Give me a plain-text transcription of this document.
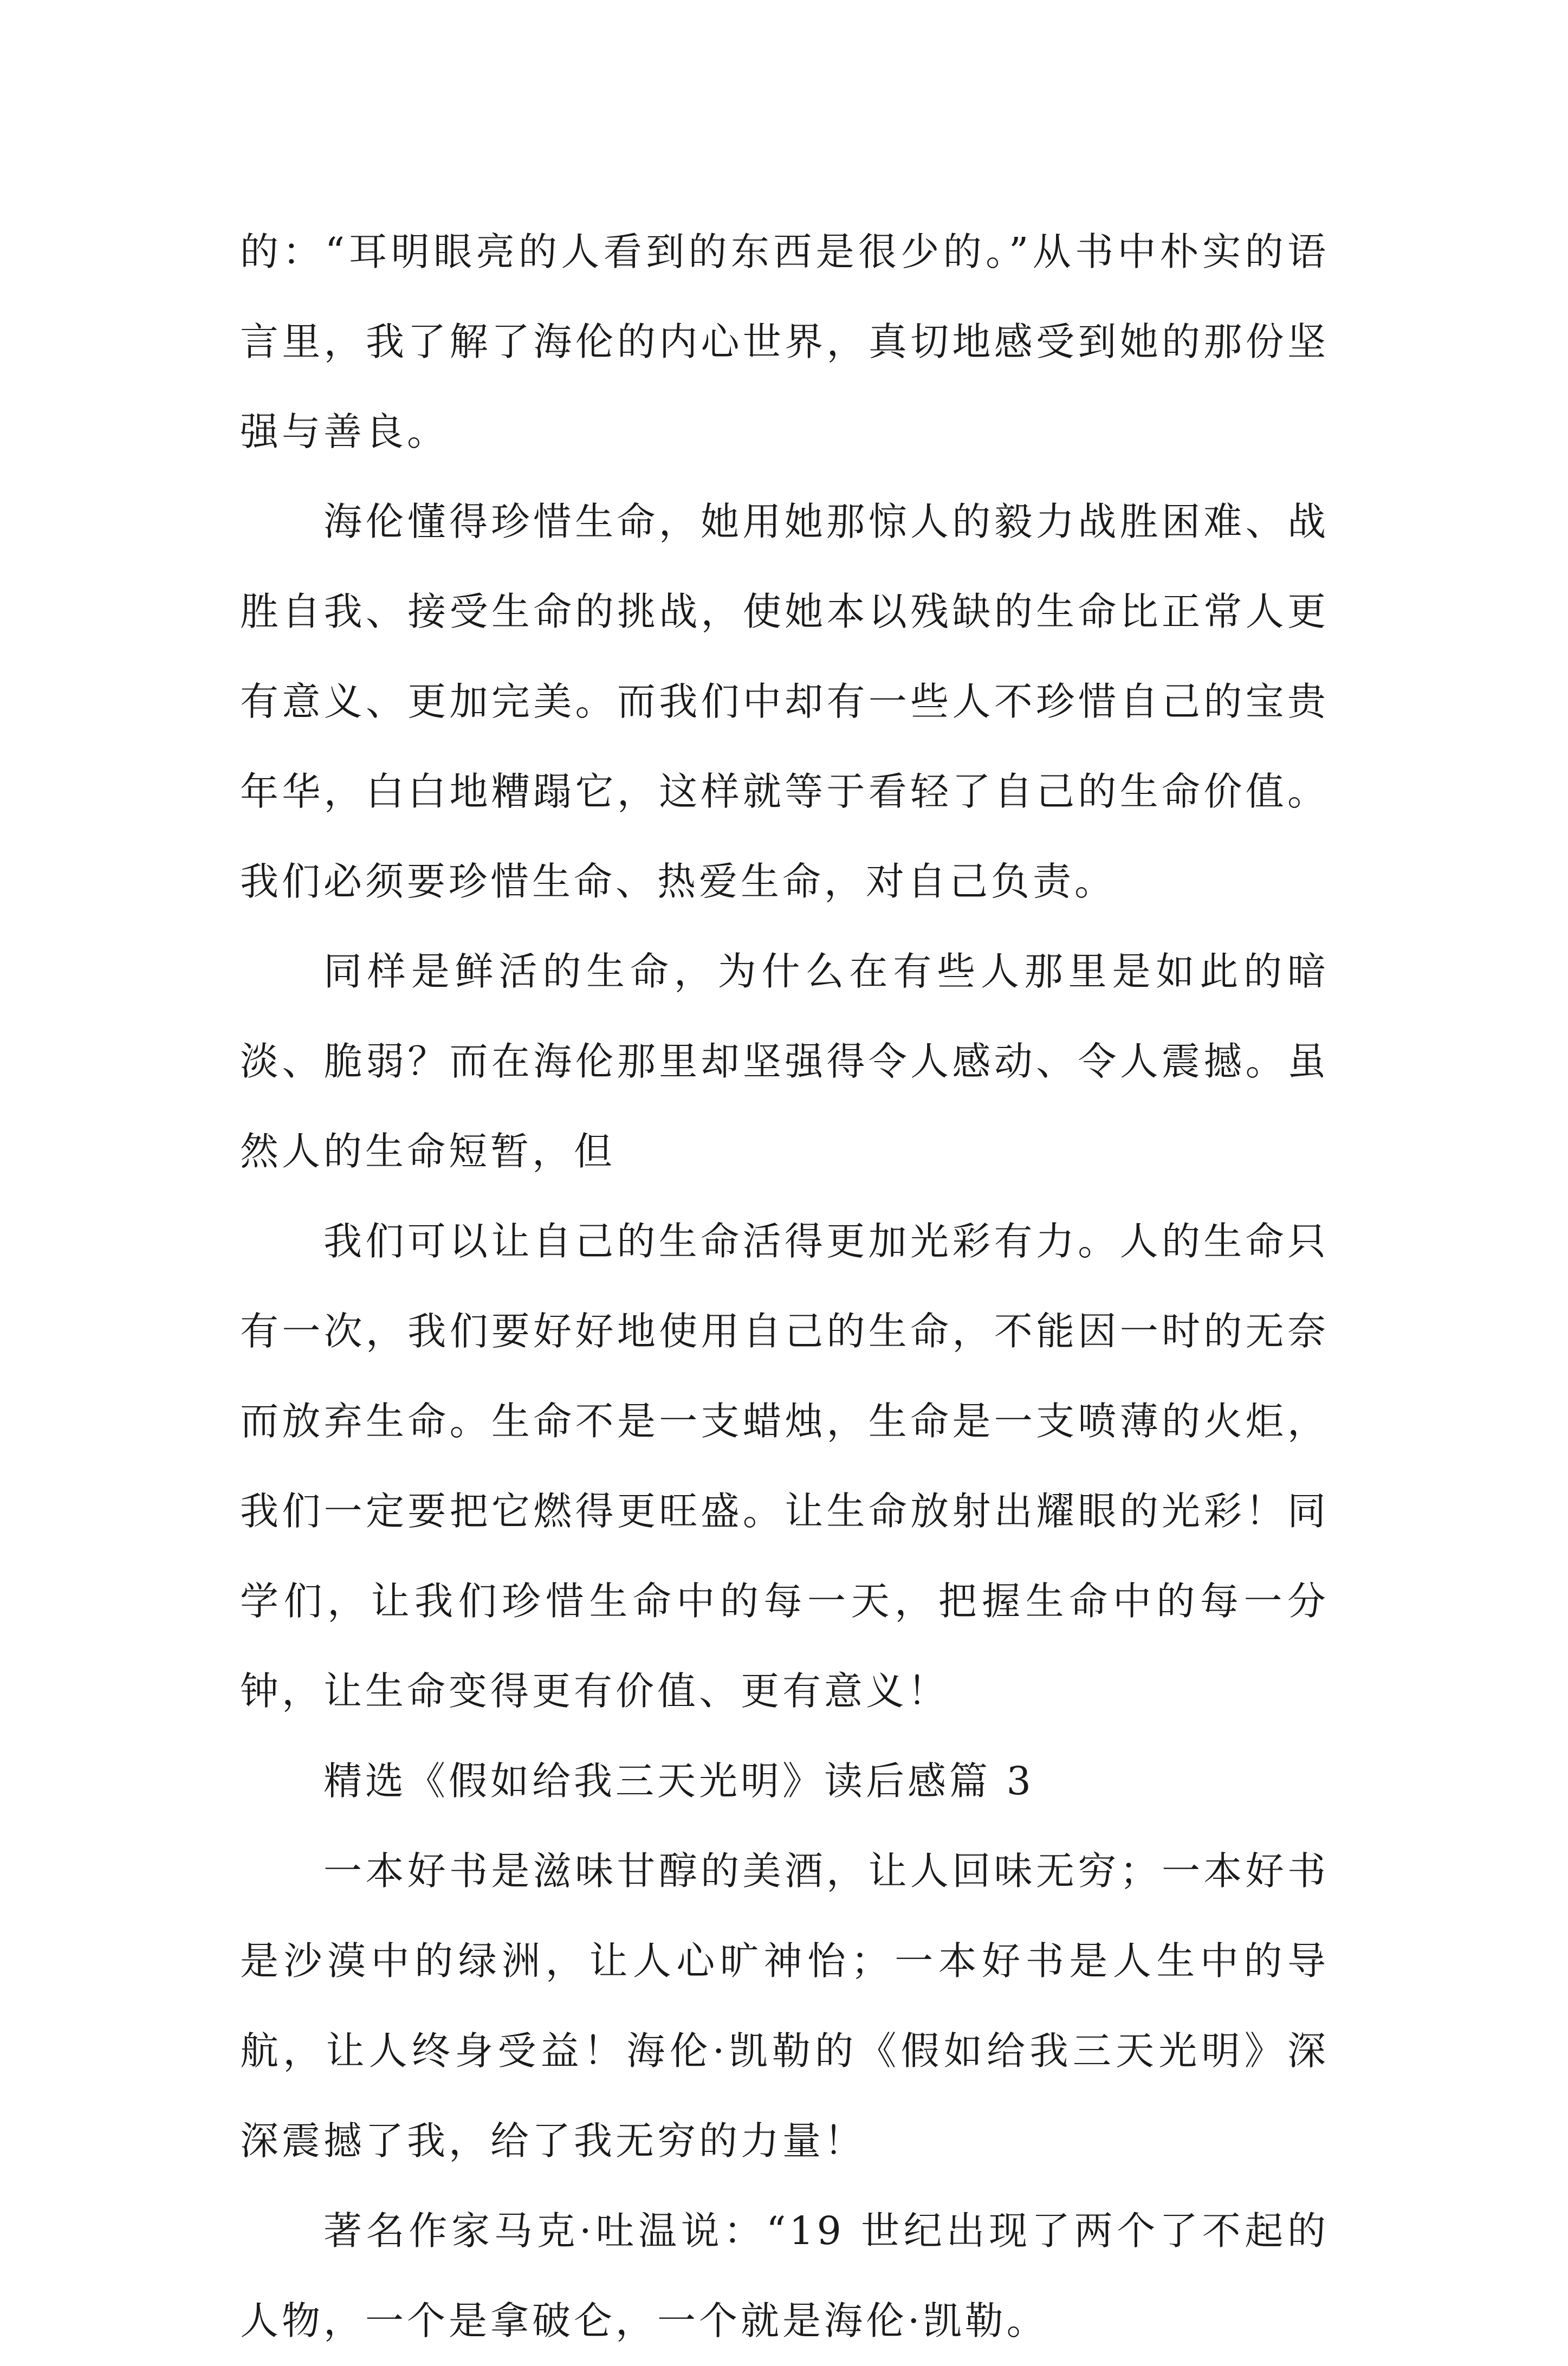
的：“耳明眼亮的人看到的东西是很少的。”从书中朴实的语言里，我了解了海伦的内心世界，真切地感受到她的那份坚强与善良。

海伦懂得珍惜生命，她用她那惊人的毅力战胜困难、战胜自我、接受生命的挑战，使她本以残缺的生命比正常人更有意义、更加完美。而我们中却有一些人不珍惜自己的宝贵年华，白白地糟蹋它，这样就等于看轻了自己的生命价值。我们必须要珍惜生命、热爱生命，对自己负责。

同样是鲜活的生命，为什么在有些人那里是如此的暗淡、脆弱？而在海伦那里却坚强得令人感动、令人震撼。虽然人的生命短暂，但

我们可以让自己的生命活得更加光彩有力。人的生命只有一次，我们要好好地使用自己的生命，不能因一时的无奈而放弃生命。生命不是一支蜡烛，生命是一支喷薄的火炬，我们一定要把它燃得更旺盛。让生命放射出耀眼的光彩！同学们，让我们珍惜生命中的每一天，把握生命中的每一分钟，让生命变得更有价值、更有意义！

精选《假如给我三天光明》读后感篇 3

一本好书是滋味甘醇的美酒，让人回味无穷；一本好书是沙漠中的绿洲，让人心旷神怡；一本好书是人生中的导航，让人终身受益！海伦·凯勒的《假如给我三天光明》深深震撼了我，给了我无穷的力量！

著名作家马克·吐温说：“19 世纪出现了两个了不起的人物，一个是拿破仑，一个就是海伦·凯勒。
